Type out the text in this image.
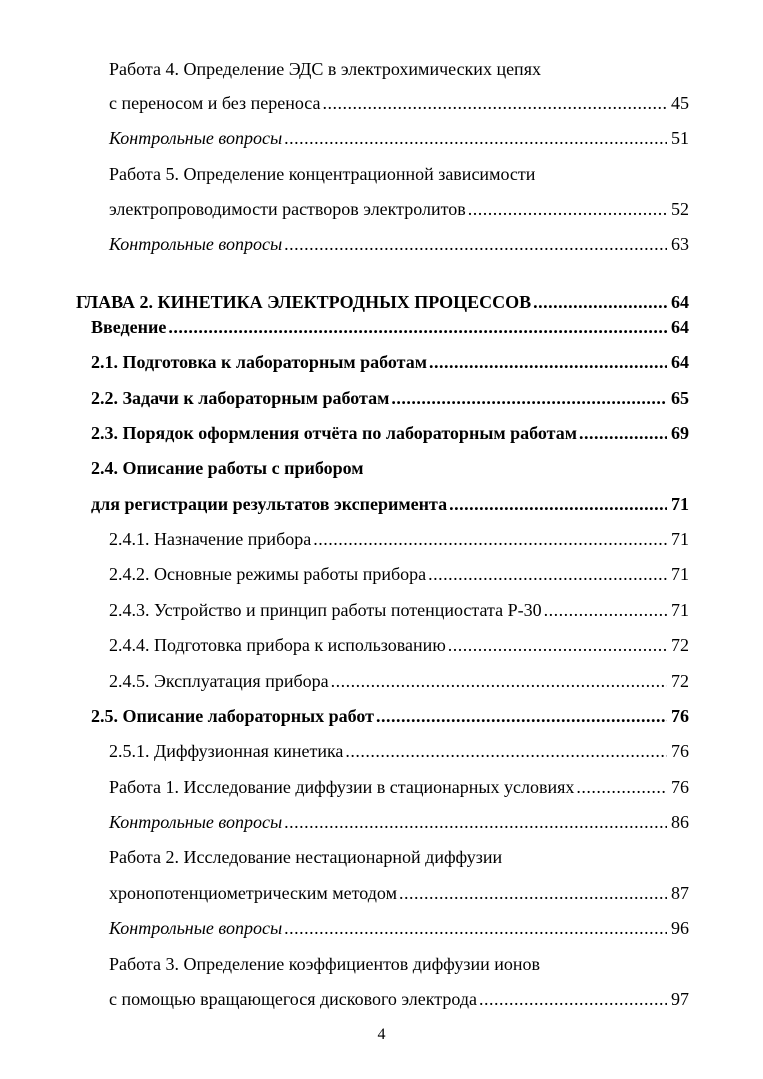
Работа 4. Определение ЭДС в электрохимических цепях
с переносом и без переноса .....	45
Контрольные вопросы .....	51
Работа 5. Определение концентрационной зависимости
электропроводимости растворов электролитов .....	52
Контрольные вопросы .....	63
ГЛАВА 2. КИНЕТИКА ЭЛЕКТРОДНЫХ ПРОЦЕССОВ .....	64
Введение .....	64
2.1. Подготовка к лабораторным работам .....	64
2.2. Задачи к лабораторным работам .....	65
2.3. Порядок оформления отчёта по лабораторным работам .....	69
2.4. Описание работы с прибором
для регистрации результатов эксперимента .....	71
2.4.1. Назначение прибора .....	71
2.4.2. Основные режимы работы прибора .....	71
2.4.3. Устройство и принцип работы потенциостата P-30 .....	71
2.4.4. Подготовка прибора к использованию .....	72
2.4.5. Эксплуатация прибора .....	72
2.5. Описание лабораторных работ .....	76
2.5.1. Диффузионная кинетика .....	76
Работа 1. Исследование диффузии в стационарных условиях .....	76
Контрольные вопросы .....	86
Работа 2. Исследование нестационарной диффузии
хронопотенциометрическим методом .....	87
Контрольные вопросы .....	96
Работа 3. Определение коэффициентов диффузии ионов
с помощью вращающегося дискового электрода .....	97
4
